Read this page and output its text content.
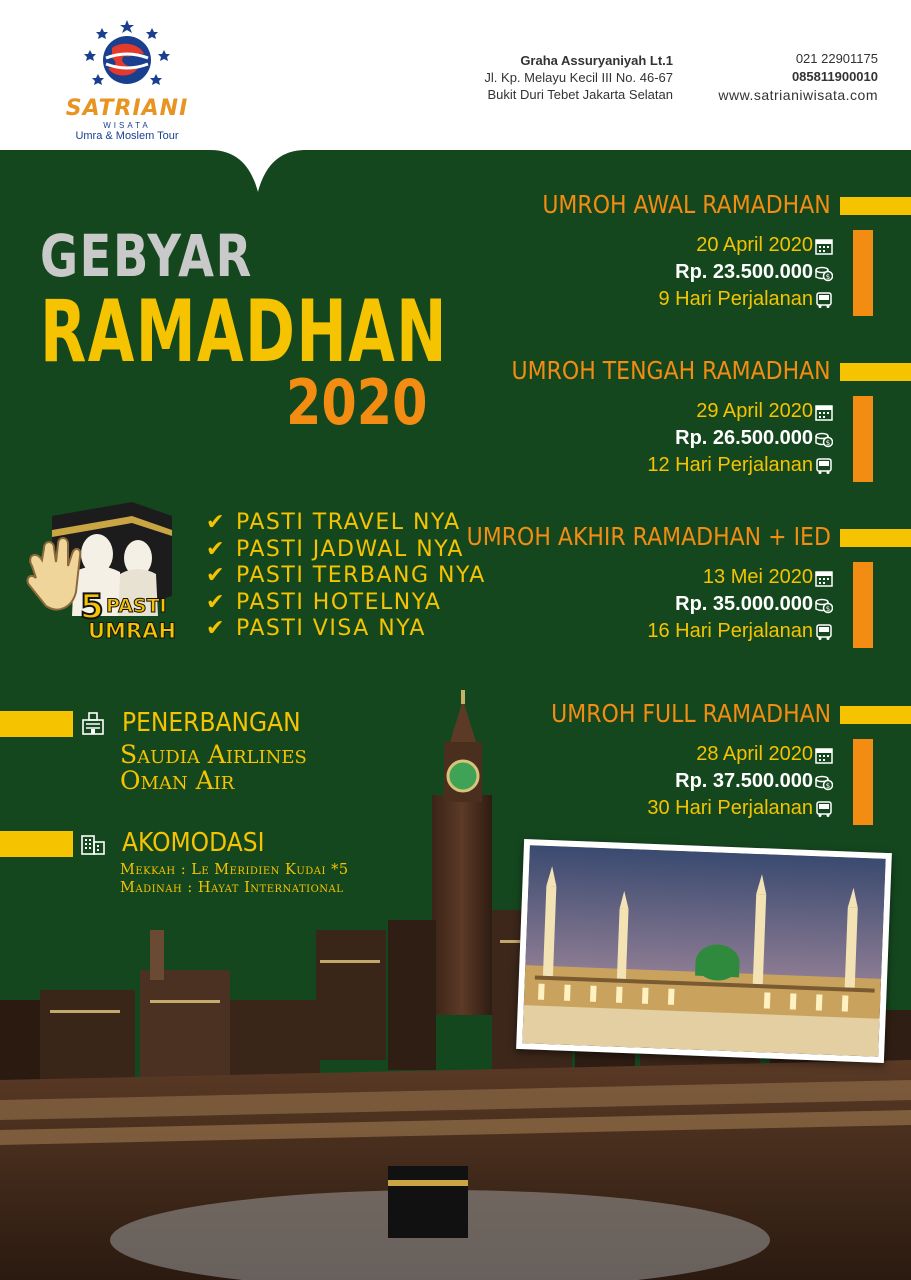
SATRIANI
WISATA
Umra & Moslem Tour
Graha Assuryaniyah Lt.1
Jl. Kp. Melayu Kecil III No. 46-67
Bukit Duri Tebet Jakarta Selatan
021 22901175
085811900010
www.satrianiwisata.com
GEBYAR
RAMADHAN
2020
5 PASTI
UMRAH
✔ PASTI TRAVEL NYA
✔ PASTI JADWAL NYA
✔ PASTI TERBANG NYA
✔ PASTI HOTELNYA
✔ PASTI VISA NYA
UMROH AWAL RAMADHAN
20 April 2020
Rp. 23.500.000
9 Hari Perjalanan
UMROH TENGAH RAMADHAN
29 April 2020
Rp. 26.500.000
12 Hari Perjalanan
UMROH AKHIR RAMADHAN + IED
13 Mei 2020
Rp. 35.000.000
16 Hari Perjalanan
UMROH FULL RAMADHAN
28 April 2020
Rp. 37.500.000
30 Hari Perjalanan
$
$
$
$
PENERBANGAN
Saudia Airlines
Oman Air
AKOMODASI
Mekkah : Le Meridien Kudai *5
Madinah : Hayat International
